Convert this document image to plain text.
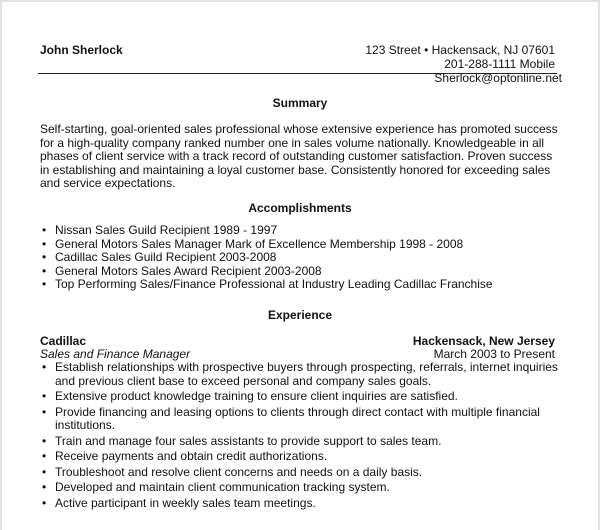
John Sherlock	123 Street • Hackensack, NJ 07601
201-288-1111 Mobile
Sherlock@optonline.net
Summary
Self-starting, goal-oriented sales professional whose extensive experience has promoted success for a high-quality company ranked number one in sales volume nationally. Knowledgeable in all phases of client service with a track record of outstanding customer satisfaction. Proven success in establishing and maintaining a loyal customer base. Consistently honored for exceeding sales and service expectations.
Accomplishments
• Nissan Sales Guild Recipient 1989 - 1997
• General Motors Sales Manager Mark of Excellence Membership 1998 - 2008
• Cadillac Sales Guild Recipient 2003-2008
• General Motors Sales Award Recipient 2003-2008
• Top Performing Sales/Finance Professional at Industry Leading Cadillac Franchise
Experience
Cadillac	Hackensack, New Jersey
Sales and Finance Manager	March 2003 to Present
• Establish relationships with prospective buyers through prospecting, referrals, internet inquiries and previous client base to exceed personal and company sales goals.
• Extensive product knowledge training to ensure client inquiries are satisfied.
• Provide financing and leasing options to clients through direct contact with multiple financial institutions.
• Train and manage four sales assistants to provide support to sales team.
• Receive payments and obtain credit authorizations.
• Troubleshoot and resolve client concerns and needs on a daily basis.
• Developed and maintain client communication tracking system.
• Active participant in weekly sales team meetings.
